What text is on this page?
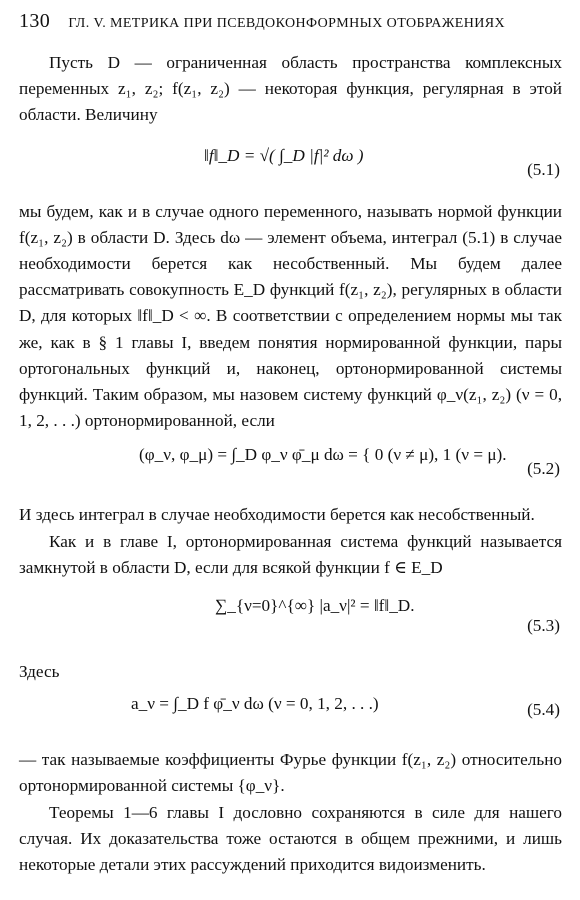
130 ГЛ. V. МЕТРИКА ПРИ ПСЕВДОКОНФОРМНЫХ ОТОБРАЖЕНИЯХ

Пусть D — ограниченная область пространства комплексных переменных z₁, z₂; f(z₁, z₂) — некоторая функция, регулярная в этой области. Величину

‖f‖_D = √( ∫_D |f|² dω )
(5.1)

мы будем, как и в случае одного переменного, называть нормой функции f(z₁, z₂) в области D. Здесь dω — элемент объема, интеграл (5.1) в случае необходимости берется как несобственный. Мы будем далее рассматривать совокупность E_D функций f(z₁, z₂), регулярных в области D, для которых ‖f‖_D < ∞. В соответствии с определением нормы мы так же, как в § 1 главы I, введем понятия нормированной функции, пары ортогональных функций и, наконец, ортонормированной системы функций. Таким образом, мы назовем систему функций φ_ν(z₁, z₂) (ν = 0, 1, 2, . . .) ортонормированной, если

(φ_ν, φ_μ) = ∫_D φ_ν φ̄_μ dω = { 0 (ν ≠ μ), 1 (ν = μ).
(5.2)

И здесь интеграл в случае необходимости берется как несобственный.

Как и в главе I, ортонормированная система функций называется замкнутой в области D, если для всякой функции f ∈ E_D

∑_{ν=0}^{∞} |a_ν|² = ‖f‖_D.
(5.3)

Здесь

a_ν = ∫_D f φ̄_ν dω (ν = 0, 1, 2, . . .)	(5.4)

— так называемые коэффициенты Фурье функции f(z₁, z₂) относительно ортонормированной системы {φ_ν}.

Теоремы 1—6 главы I дословно сохраняются в силе для нашего случая. Их доказательства тоже остаются в общем прежними, и лишь некоторые детали этих рассуждений приходится видоизменить.
